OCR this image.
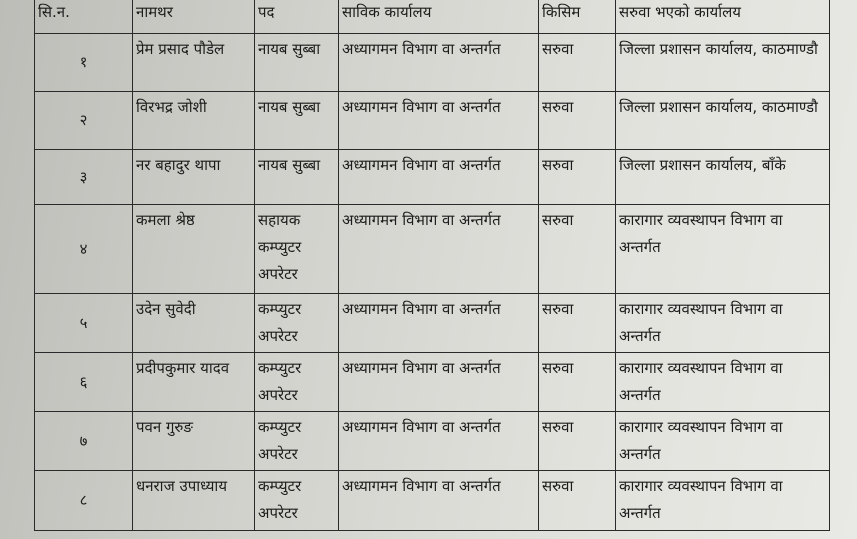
सि.न.	नामथर	पद	साविक कार्यालय	किसिम	सरुवा भएको कार्यालय
१	प्रेम प्रसाद पौडेल	नायब सुब्बा	अध्यागमन विभाग वा अन्तर्गत	सरुवा	जिल्ला प्रशासन कार्यालय, काठमाण्डौ
२	विरभद्र जोशी	नायब सुब्बा	अध्यागमन विभाग वा अन्तर्गत	सरुवा	जिल्ला प्रशासन कार्यालय, काठमाण्डौ
३	नर बहादुर थापा	नायब सुब्बा	अध्यागमन विभाग वा अन्तर्गत	सरुवा	जिल्ला प्रशासन कार्यालय, बाँके
४	कमला श्रेष्ठ	सहायक कम्प्युटर अपरेटर	अध्यागमन विभाग वा अन्तर्गत	सरुवा	कारागार व्यवस्थापन विभाग वा अन्तर्गत
५	उदेन सुवेदी	कम्प्युटर अपरेटर	अध्यागमन विभाग वा अन्तर्गत	सरुवा	कारागार व्यवस्थापन विभाग वा अन्तर्गत
६	प्रदीपकुमार यादव	कम्प्युटर अपरेटर	अध्यागमन विभाग वा अन्तर्गत	सरुवा	कारागार व्यवस्थापन विभाग वा अन्तर्गत
७	पवन गुरुङ	कम्प्युटर अपरेटर	अध्यागमन विभाग वा अन्तर्गत	सरुवा	कारागार व्यवस्थापन विभाग वा अन्तर्गत
८	धनराज उपाध्याय	कम्प्युटर अपरेटर	अध्यागमन विभाग वा अन्तर्गत	सरुवा	कारागार व्यवस्थापन विभाग वा अन्तर्गत
